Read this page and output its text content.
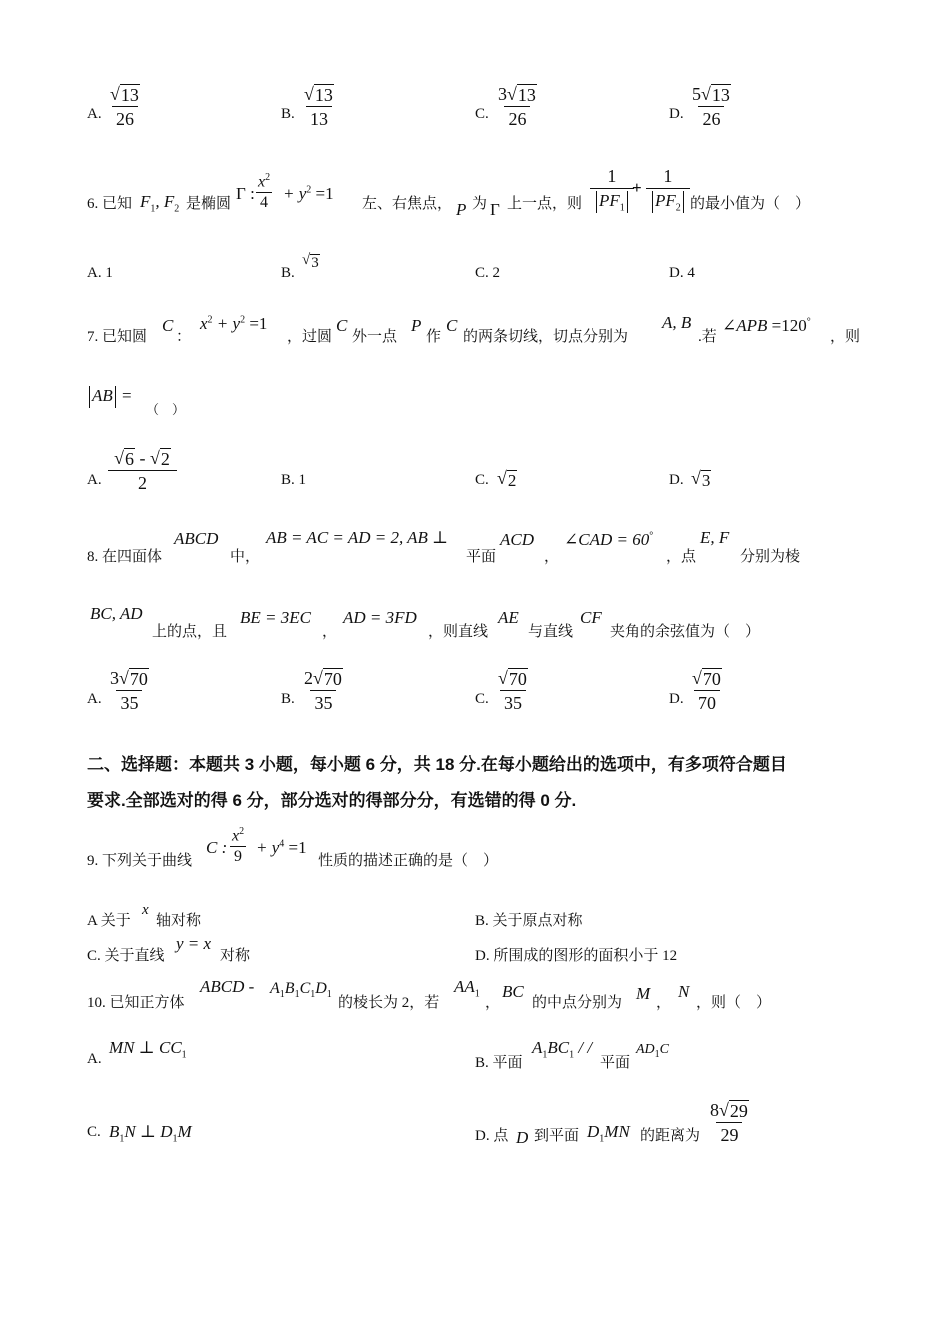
A. $\frac{√ 13}{26}$	B. $\frac{√ 13}{13}$	C. $\frac{3 √ 13}{26}$	D. $\frac{5 √ 13}{26}$
6. 已知 $F_1$, $F_2$ 是椭圆
Γ : $\frac{x^2}{4} + y^2 =1$
左、右焦点， P 为 Γ 上一点，则 $\frac{1}{PF_1}$
+ $\frac{1}{PF_2}$ 的最小值为（　）
A. 1	B.
√ 3
C. 2	D. 4
7. 已知圆
C
：
$x^2 + y^2 =1$
，过圆
C
外一点
P
作
C
的两条切线，切点分别为
A, B
.若
∠APB =120°
，则
AB =
（　）
A. $\frac{√ 6 - √ 2}{2}$	B. 1	C. √ 2	D. √ 3
8. 在四面体
ABCD
中，
AB = AC = AD = 2, AB ⊥
平面
ACD
，
∠CAD = 60°
，点
E, F
分别为棱
BC, AD
上的点，且
BE = 3EC
，
AD = 3FD
，则直线
AE
与直线
CF
夹角的余弦值为（　）
A. $\frac{3 √ 70}{35}$	B. $\frac{2 √ 70}{35}$	C. $\frac{√ 70}{35}$	D. $\frac{√ 70}{70}$
二、选择题：本题共 3 小题，每小题 6 分，共 18 分.在每小题给出的选项中，有多项符合题目
要求.全部选对的得 6 分，部分选对的得部分分，有选错的得 0 分.
9. 下列关于曲线
C : $\frac{x^2}{9} + y^4 =1$
性质的描述正确的是（　）
A 关于
x
轴对称	B. 关于原点对称
C. 关于直线
y = x
对称	D. 所围成的图形的面积小于 12
10. 已知正方体
ABCD - $A_1B_1C_1D_1$
的棱长为 2，若
$AA_1$
，
BC
的中点分别为 M ，
N
，则（　）
A.
MN ⊥ $CC_1$
B. 平面
$A_1BC_1$ / /
平面
$AD_1C$
C. $B_1N$ ⊥ $D_1M$	D. 点 D 到平面 $D_1MN$ 的距离为 $\frac{8 √ 29}{29}$
